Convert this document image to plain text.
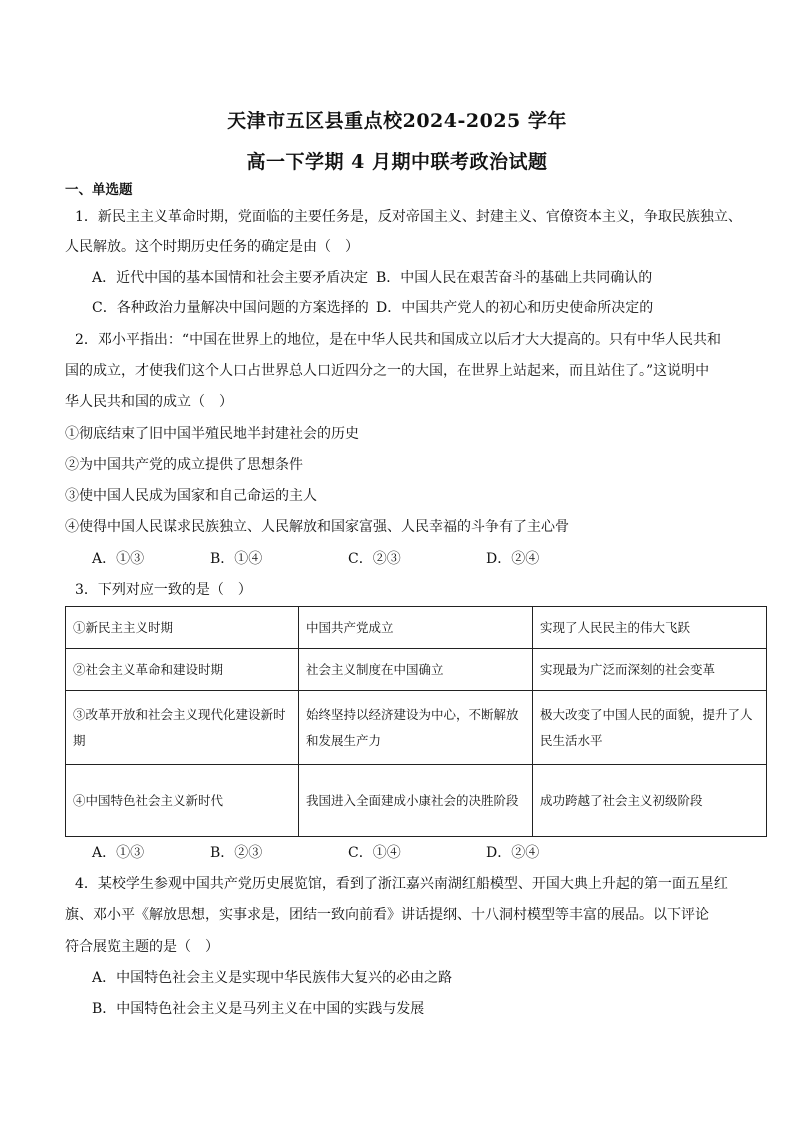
天津市五区县重点校2024-2025 学年
高一下学期 4 月期中联考政治试题
一、单选题
1．新民主主义革命时期，党面临的主要任务是，反对帝国主义、封建主义、官僚资本主义，争取民族独立、
人民解放。这个时期历史任务的确定是由（　）
A．近代中国的基本国情和社会主要矛盾决定 B．中国人民在艰苦奋斗的基础上共同确认的
C．各种政治力量解决中国问题的方案选择的 D．中国共产党人的初心和历史使命所决定的
2．邓小平指出：“中国在世界上的地位，是在中华人民共和国成立以后才大大提高的。只有中华人民共和
国的成立，才使我们这个人口占世界总人口近四分之一的大国，在世界上站起来，而且站住了。”这说明中
华人民共和国的成立（　）
①彻底结束了旧中国半殖民地半封建社会的历史
②为中国共产党的成立提供了思想条件
③使中国人民成为国家和自己命运的主人
④使得中国人民谋求民族独立、人民解放和国家富强、人民幸福的斗争有了主心骨
A．①③	B．①④	C．②③	D．②④
3．下列对应一致的是（　）
①新民主主义时期	中国共产党成立	实现了人民民主的伟大飞跃
②社会主义革命和建设时期	社会主义制度在中国确立	实现最为广泛而深刻的社会变革
③改革开放和社会主义现代化建设新时期	始终坚持以经济建设为中心，不断解放和发展生产力	极大改变了中国人民的面貌，提升了人民生活水平
④中国特色社会主义新时代	我国进入全面建成小康社会的决胜阶段	成功跨越了社会主义初级阶段
A．①③	B．②③	C．①④	D．②④
4．某校学生参观中国共产党历史展览馆，看到了浙江嘉兴南湖红船模型、开国大典上升起的第一面五星红
旗、邓小平《解放思想，实事求是，团结一致向前看》讲话提纲、十八洞村模型等丰富的展品。以下评论
符合展览主题的是（　）
A．中国特色社会主义是实现中华民族伟大复兴的必由之路
B．中国特色社会主义是马列主义在中国的实践与发展
